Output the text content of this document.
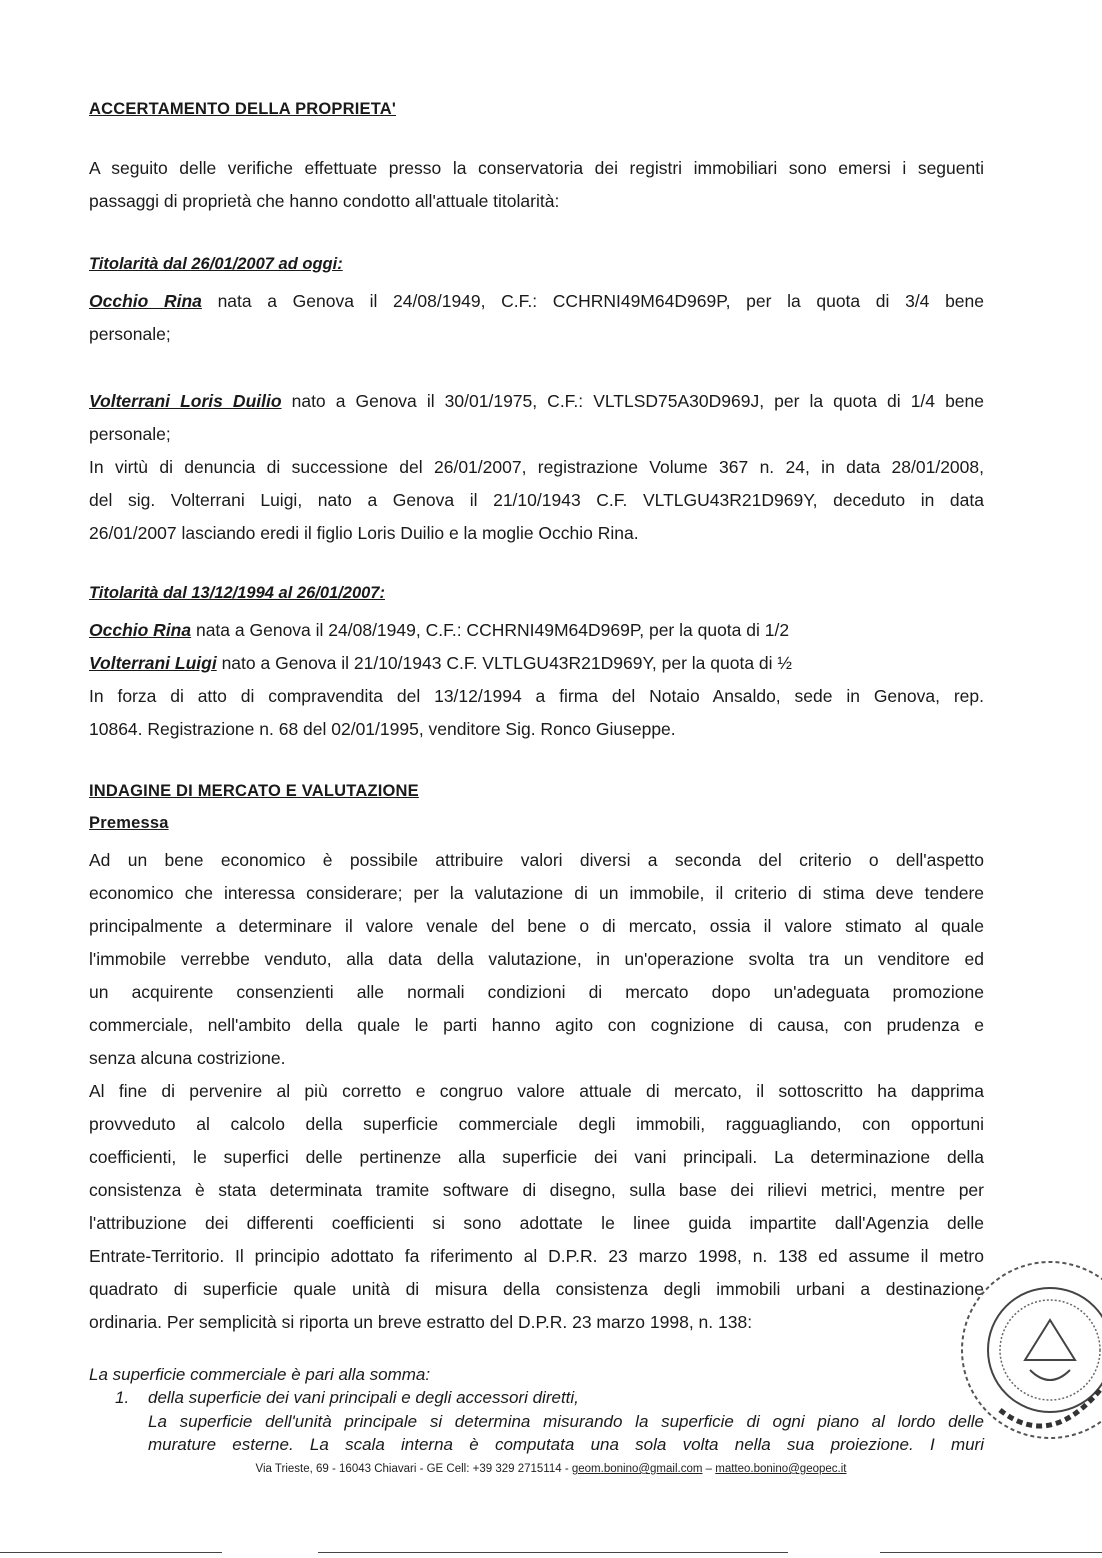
ACCERTAMENTO DELLA PROPRIETA'
A seguito delle verifiche effettuate presso la conservatoria dei registri immobiliari sono emersi i seguenti
passaggi di proprietà che hanno condotto all'attuale titolarità:
Titolarità dal 26/01/2007 ad oggi:
Occhio Rina nata a Genova il 24/08/1949, C.F.: CCHRNI49M64D969P, per la quota di 3/4 bene
personale;
Volterrani Loris Duilio nato a Genova il 30/01/1975, C.F.: VLTLSD75A30D969J, per la quota di 1/4 bene
personale;
In virtù di denuncia di successione del 26/01/2007, registrazione Volume 367 n. 24, in data 28/01/2008,
del sig. Volterrani Luigi, nato a Genova il 21/10/1943 C.F. VLTLGU43R21D969Y, deceduto in data
26/01/2007 lasciando eredi il figlio Loris Duilio e la moglie Occhio Rina.
Titolarità dal 13/12/1994 al 26/01/2007:
Occhio Rina nata a Genova il 24/08/1949, C.F.: CCHRNI49M64D969P, per la quota di 1/2
Volterrani Luigi nato a Genova il 21/10/1943 C.F. VLTLGU43R21D969Y, per la quota di ½
In forza di atto di compravendita del 13/12/1994 a firma del Notaio Ansaldo, sede in Genova, rep.
10864. Registrazione n. 68 del 02/01/1995, venditore Sig. Ronco Giuseppe.
INDAGINE DI MERCATO E VALUTAZIONE
Premessa
Ad un bene economico è possibile attribuire valori diversi a seconda del criterio o dell'aspetto
economico che interessa considerare; per la valutazione di un immobile, il criterio di stima deve tendere
principalmente a determinare il valore venale del bene o di mercato, ossia il valore stimato al quale
l'immobile verrebbe venduto, alla data della valutazione, in un'operazione svolta tra un venditore ed
un acquirente consenzienti alle normali condizioni di mercato dopo un'adeguata promozione
commerciale, nell'ambito della quale le parti hanno agito con cognizione di causa, con prudenza e
senza alcuna costrizione.
Al fine di pervenire al più corretto e congruo valore attuale di mercato, il sottoscritto ha dapprima
provveduto al calcolo della superficie commerciale degli immobili, ragguagliando, con opportuni
coefficienti, le superfici delle pertinenze alla superficie dei vani principali. La determinazione della
consistenza è stata determinata tramite software di disegno, sulla base dei rilievi metrici, mentre per
l'attribuzione dei differenti coefficienti si sono adottate le linee guida impartite dall'Agenzia delle
Entrate-Territorio. Il principio adottato fa riferimento al D.P.R. 23 marzo 1998, n. 138 ed assume il metro
quadrato di superficie quale unità di misura della consistenza degli immobili urbani a destinazione
ordinaria. Per semplicità si riporta un breve estratto del D.P.R. 23 marzo 1998, n. 138:
La superficie commerciale è pari alla somma:
1.	della superficie dei vani principali e degli accessori diretti,
La superficie dell'unità principale si determina misurando la superficie di ogni piano al lordo delle
murature esterne. La scala interna è computata una sola volta nella sua proiezione. I muri
Via Trieste, 69 - 16043 Chiavari - GE Cell: +39 329 2715114 - geom.bonino@gmail.com – matteo.bonino@geopec.it
